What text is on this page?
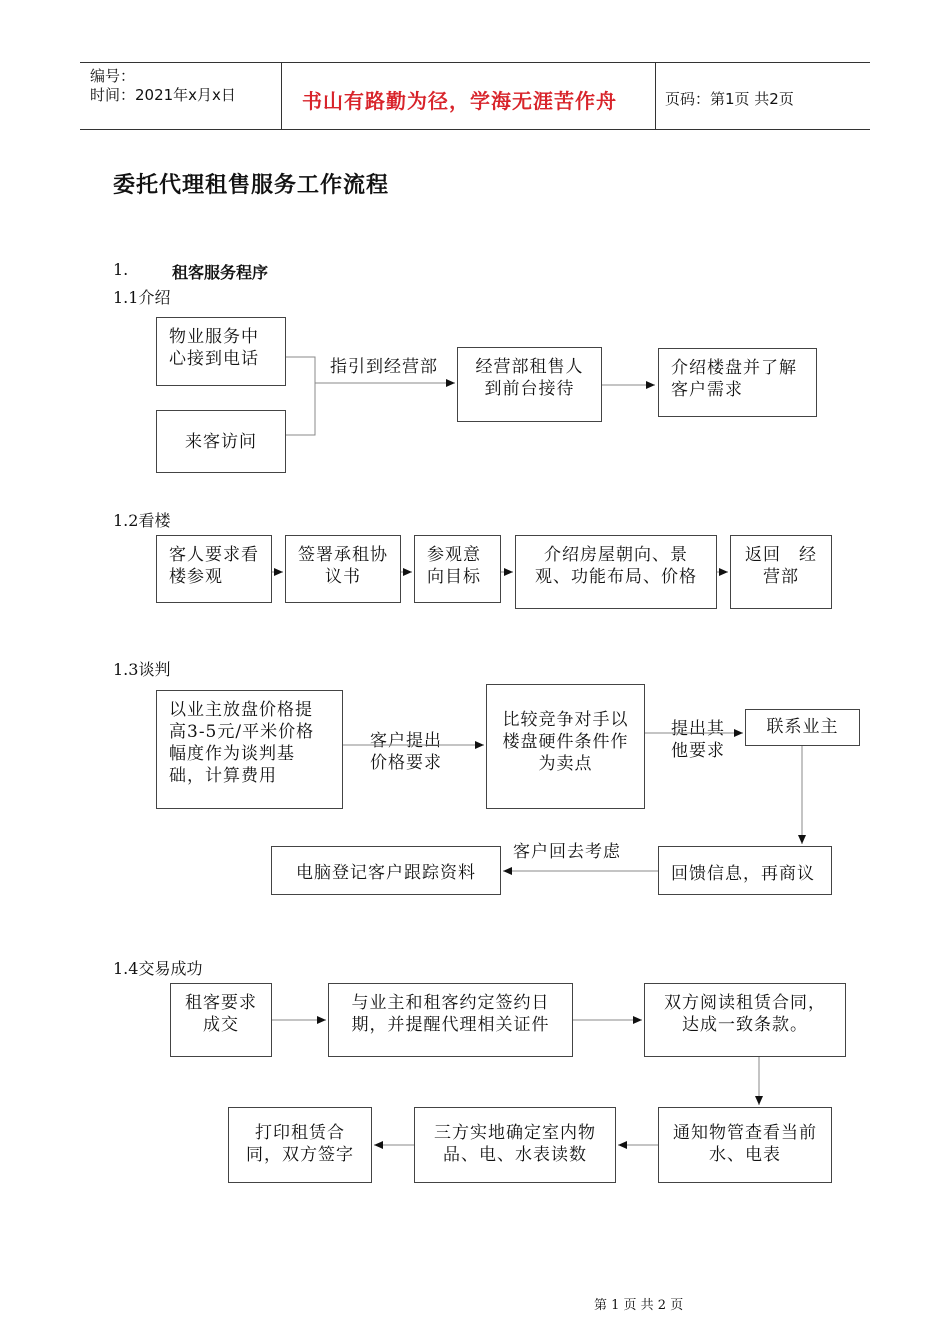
编号：
时间：2021年x月x日	书山有路勤为径，学海无涯苦作舟	页码：第1页 共2页
委托代理租售服务工作流程
1.	租客服务程序
1.1介绍
物业服务中心接到电话
来客访问
指引到经营部	经营部租售人到前台接待
介绍楼盘并了解客户需求
1.2看楼
客人要求看楼参观
签署承租协议书
参观意向目标
介绍房屋朝向、景观、功能布局、价格
返回　经营部
1.3谈判
以业主放盘价格提高3-5元/平米价格幅度作为谈判基础，计算费用
客户提出价格要求
比较竞争对手以楼盘硬件条件作为卖点
提出其他要求
联系业主
回馈信息，再商议
客户回去考虑
电脑登记客户跟踪资料
1.4交易成功
租客要求成交
与业主和租客约定签约日期，并提醒代理相关证件
双方阅读租赁合同，达成一致条款。
通知物管查看当前水、电表
三方实地确定室内物品、电、水表读数
打印租赁合同，双方签字
第 1 页 共 2 页
